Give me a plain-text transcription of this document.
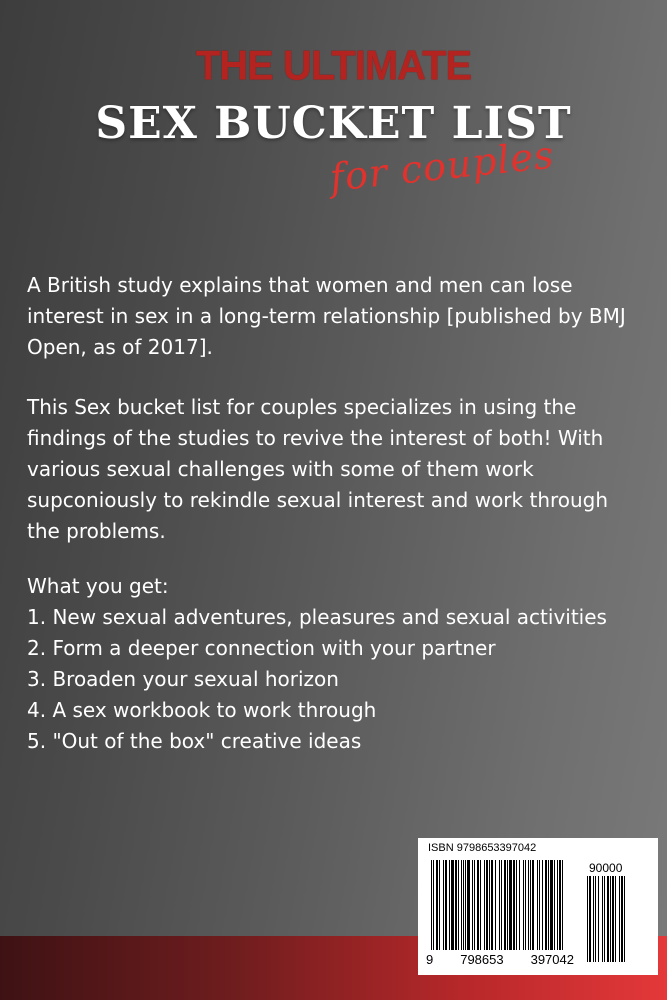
THE ULTIMATE
SEX BUCKET LIST
for couples

A British study explains that women and men can lose interest in sex in a long-term relationship [published by BMJ Open, as of 2017].

This Sex bucket list for couples specializes in using the findings of the studies to revive the interest of both! With various sexual challenges with some of them work supconiously to rekindle sexual interest and work through the problems.

What you get:

1. New sexual adventures, pleasures and sexual activities
2. Form a deeper connection with your partner
3. Broaden your sexual horizon
4. A sex workbook to work through
5. "Out of the box" creative ideas
ISBN 9798653397042
90000
9 798653 397042
